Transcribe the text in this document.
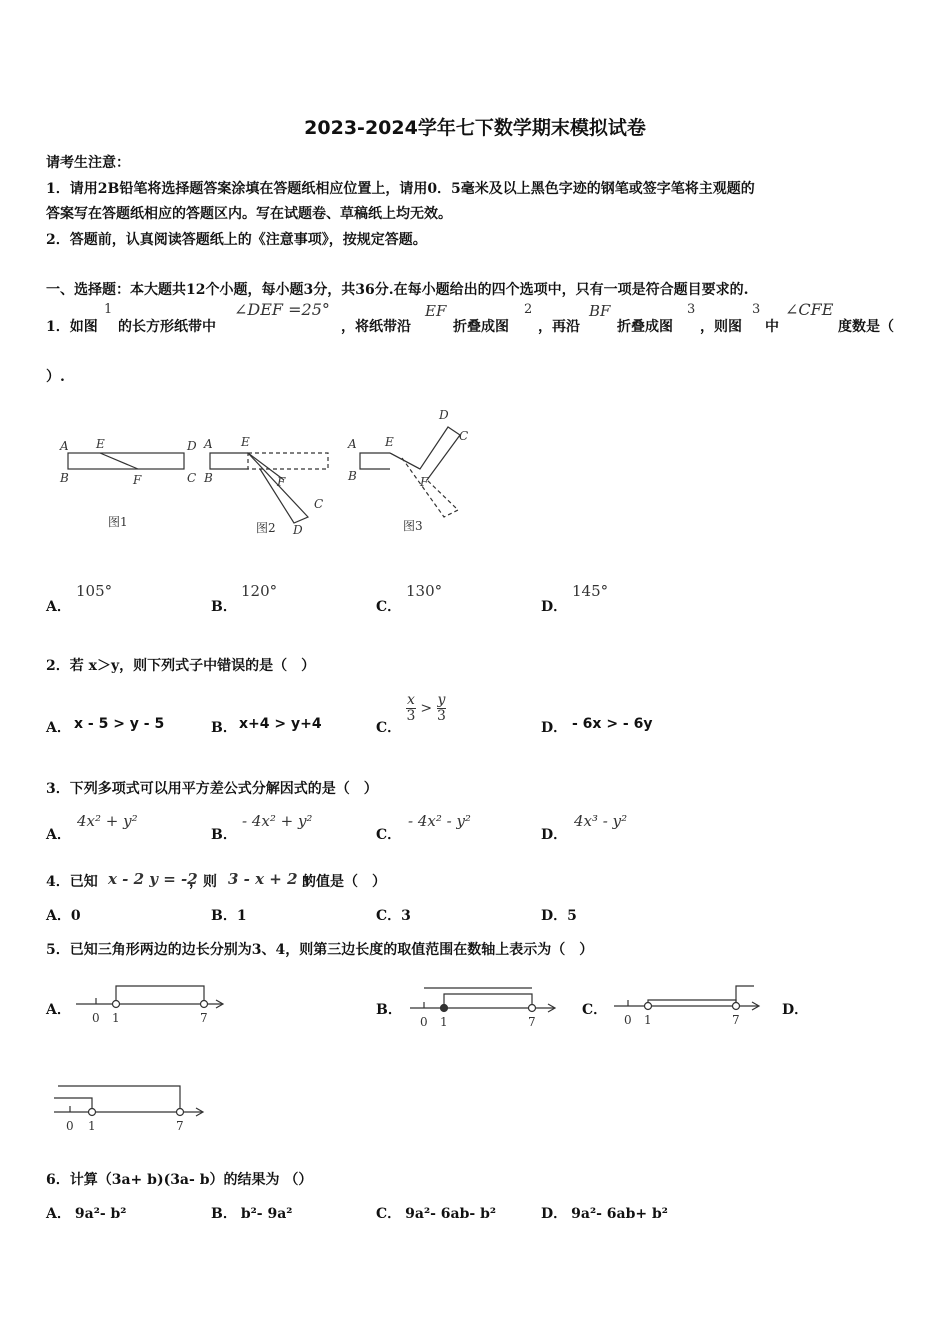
2023-2024学年七下数学期末模拟试卷
请考生注意：
1．请用2B铅笔将选择题答案涂填在答题纸相应位置上，请用0．5毫米及以上黑色字迹的钢笔或签字笔将主观题的
答案写在答题纸相应的答题区内。写在试题卷、草稿纸上均无效。
2．答题前，认真阅读答题纸上的《注意事项》，按规定答题。
一、选择题：本大题共12个小题，每小题3分，共36分.在每小题给出的四个选项中，只有一项是符合题目要求的.
1．如图
1
的长方形纸带中
∠DEF =25°
，将纸带沿
EF
折叠成图
2
，再沿
BF
折叠成图
3
，则图
3
中
∠CFE
度数是（
）.
A
B
E
F
D
C
A
B
E
F
C
D
A
B
E
F
D
C
图1	图2	图3
A．
105°
B．
120°
C．
130°
D．
145°
2．若 x＞y，则下列式子中错误的是（　）
A． x - 5 > y - 5	B． x+4 > y+4	C．
$\frac{x}{3} > \frac{y}{3}$
D． - 6x > - 6y
3．下列多项式可以用平方差公式分解因式的是（　）
A．
4x² + y²
B．
- 4x² + y²
C．
- 4x² - y²
D．
4x³ - y²
4．已知 x - 2 y = -2
，则 3 - x + 2 y
的值是（　）
A．0	B．1	C．3	D．5
5．已知三角形两边的边长分别为3、4，则第三边长度的取值范围在数轴上表示为（　）
A． 0 1	7	B．
0 1	7
C．
0 1	7
D．
0 1	7
6．计算（3a+ b)(3a- b）的结果为 （）
A． 9a²- b²	B． b²- 9a²	C． 9a²- 6ab- b²	D． 9a²- 6ab+ b²
